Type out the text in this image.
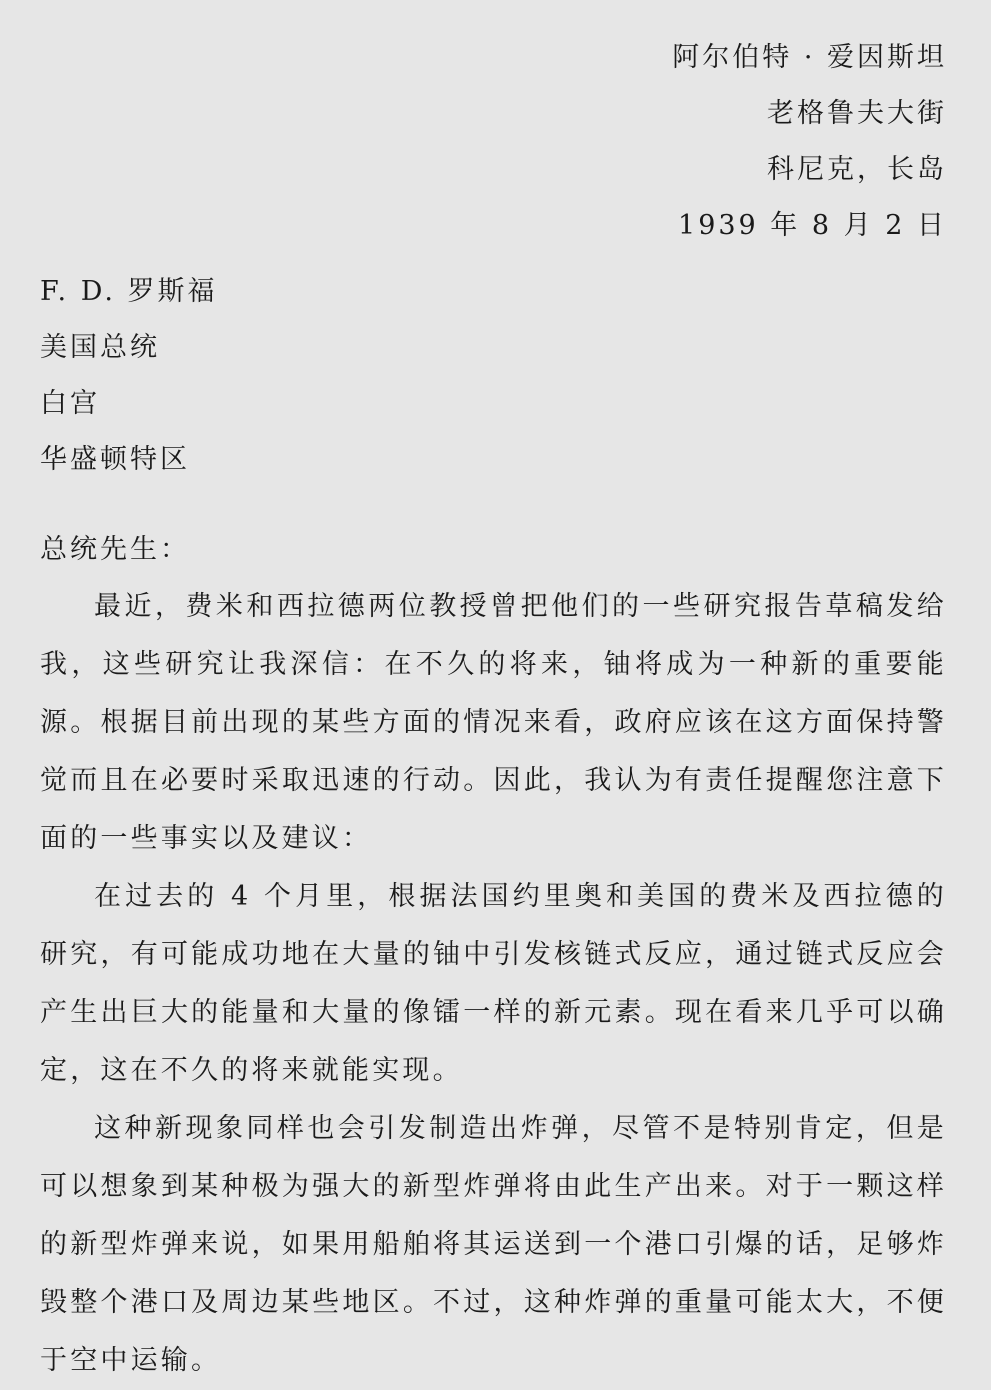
阿尔伯特 · 爱因斯坦
老格鲁夫大街
科尼克，长岛
1939 年 8 月 2 日
F. D. 罗斯福
美国总统
白宫
华盛顿特区
总统先生：

最近，费米和西拉德两位教授曾把他们的一些研究报告草稿发给我，这些研究让我深信：在不久的将来，铀将成为一种新的重要能源。根据目前出现的某些方面的情况来看，政府应该在这方面保持警觉而且在必要时采取迅速的行动。因此，我认为有责任提醒您注意下面的一些事实以及建议：

在过去的 4 个月里，根据法国约里奥和美国的费米及西拉德的研究，有可能成功地在大量的铀中引发核链式反应，通过链式反应会产生出巨大的能量和大量的像镭一样的新元素。现在看来几乎可以确定，这在不久的将来就能实现。

这种新现象同样也会引发制造出炸弹，尽管不是特别肯定，但是可以想象到某种极为强大的新型炸弹将由此生产出来。对于一颗这样的新型炸弹来说，如果用船舶将其运送到一个港口引爆的话，足够炸毁整个港口及周边某些地区。不过，这种炸弹的重量可能太大，不便于空中运输。
